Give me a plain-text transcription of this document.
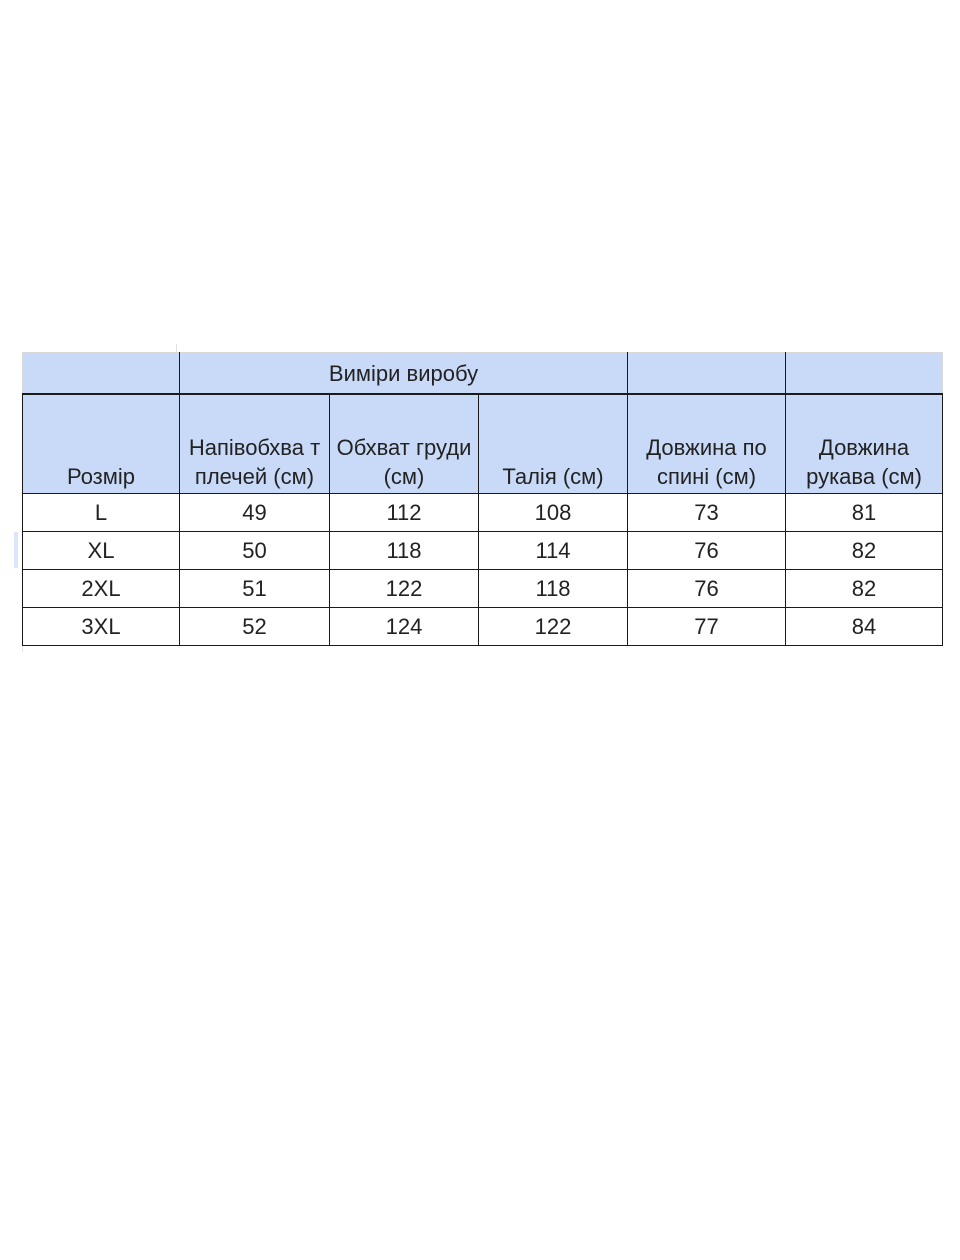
	Виміри виробу				
Розмір	Напівобхва т плечей (см)	Обхват груди (см)	Талія (см)	Довжина по спині (см)	Довжина рукава (см)
L	49	112	108	73	81
XL	50	118	114	76	82
2XL	51	122	118	76	82
3XL	52	124	122	77	84
